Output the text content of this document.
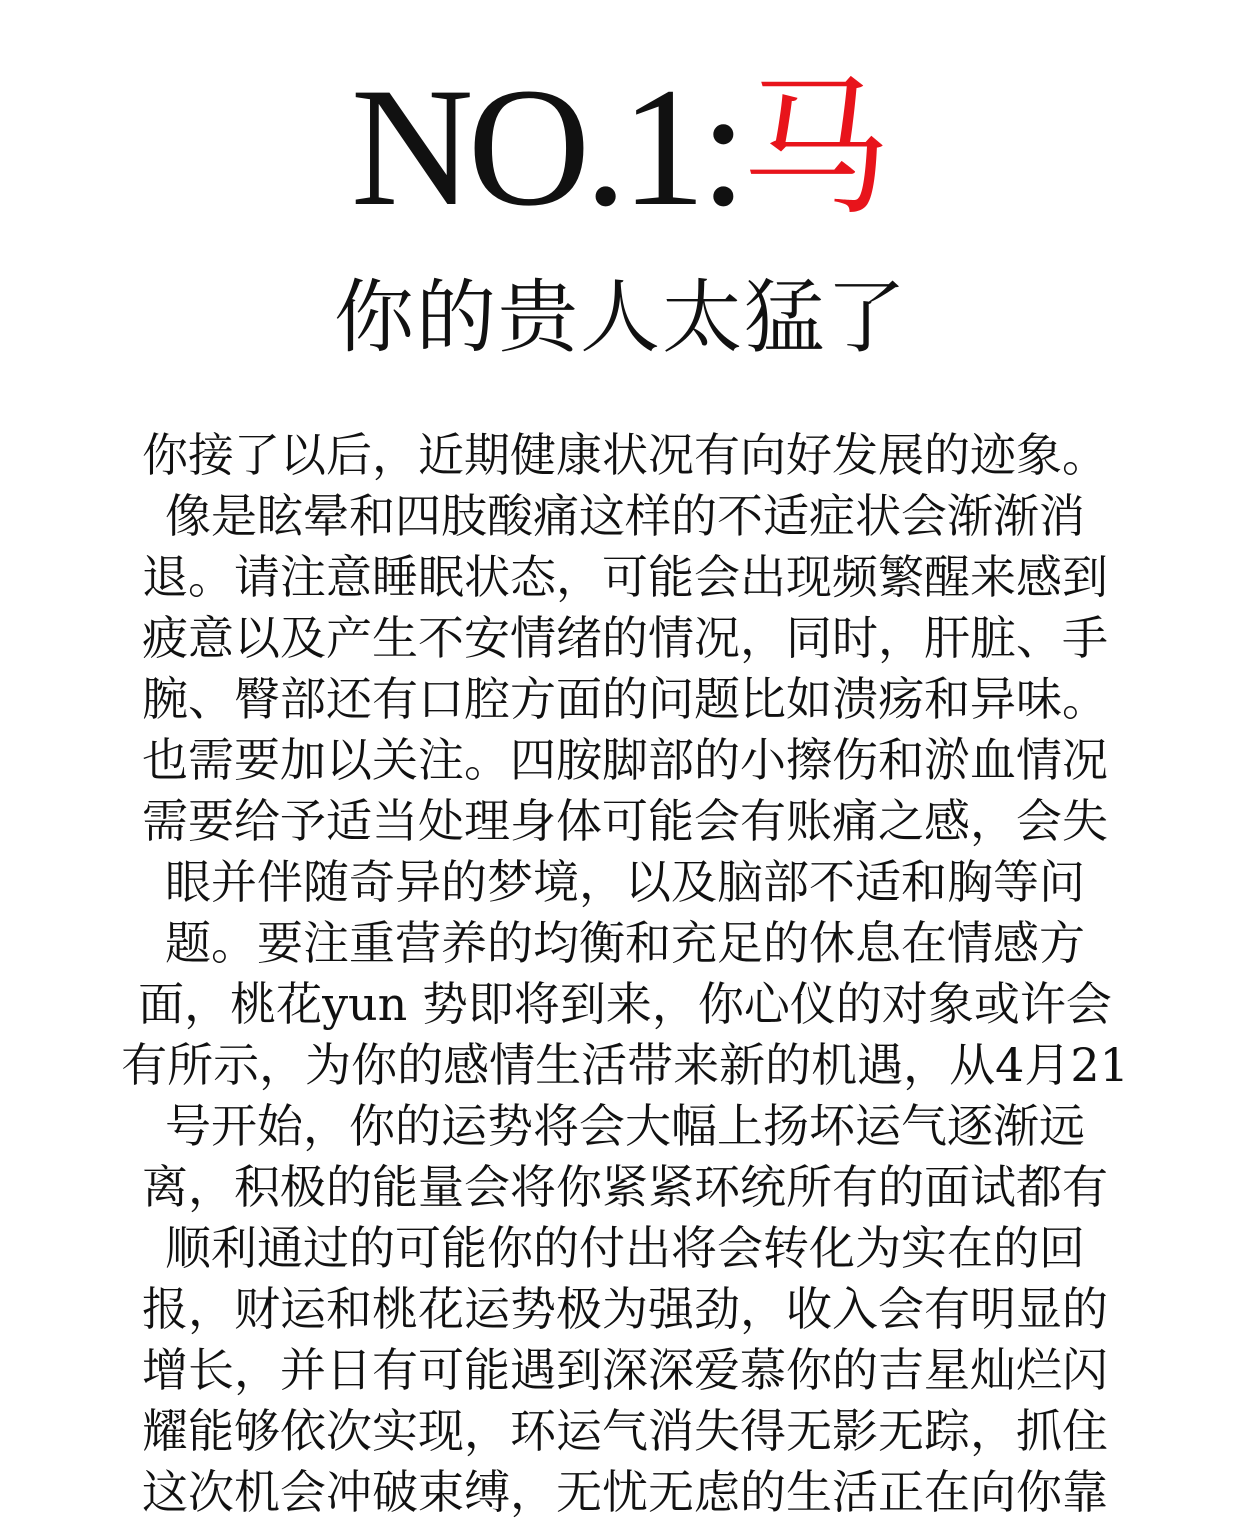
NO.1:马
你的贵人太猛了
你接了以后，近期健康状况有向好发展的迹象。
像是眩晕和四肢酸痛这样的不适症状会渐渐消
退。请注意睡眠状态，可能会出现频繁醒来感到
疲意以及产生不安情绪的情况，同时，肝脏、手
腕、臀部还有口腔方面的问题比如溃疡和异味。
也需要加以关注。四胺脚部的小擦伤和淤血情况
需要给予适当处理身体可能会有账痛之感，会失
眼并伴随奇异的梦境，以及脑部不适和胸等问
题。要注重营养的均衡和充足的休息在情感方
面，桃花yun 势即将到来，你心仪的对象或许会
有所示，为你的感情生活带来新的机遇，从4月21
号开始，你的运势将会大幅上扬坏运气逐渐远
离，积极的能量会将你紧紧环统所有的面试都有
顺利通过的可能你的付出将会转化为实在的回
报，财运和桃花运势极为强劲，收入会有明显的
增长，并日有可能遇到深深爱慕你的吉星灿烂闪
耀能够依次实现，环运气消失得无影无踪，抓住
这次机会冲破束缚，无忧无虑的生活正在向你靠
